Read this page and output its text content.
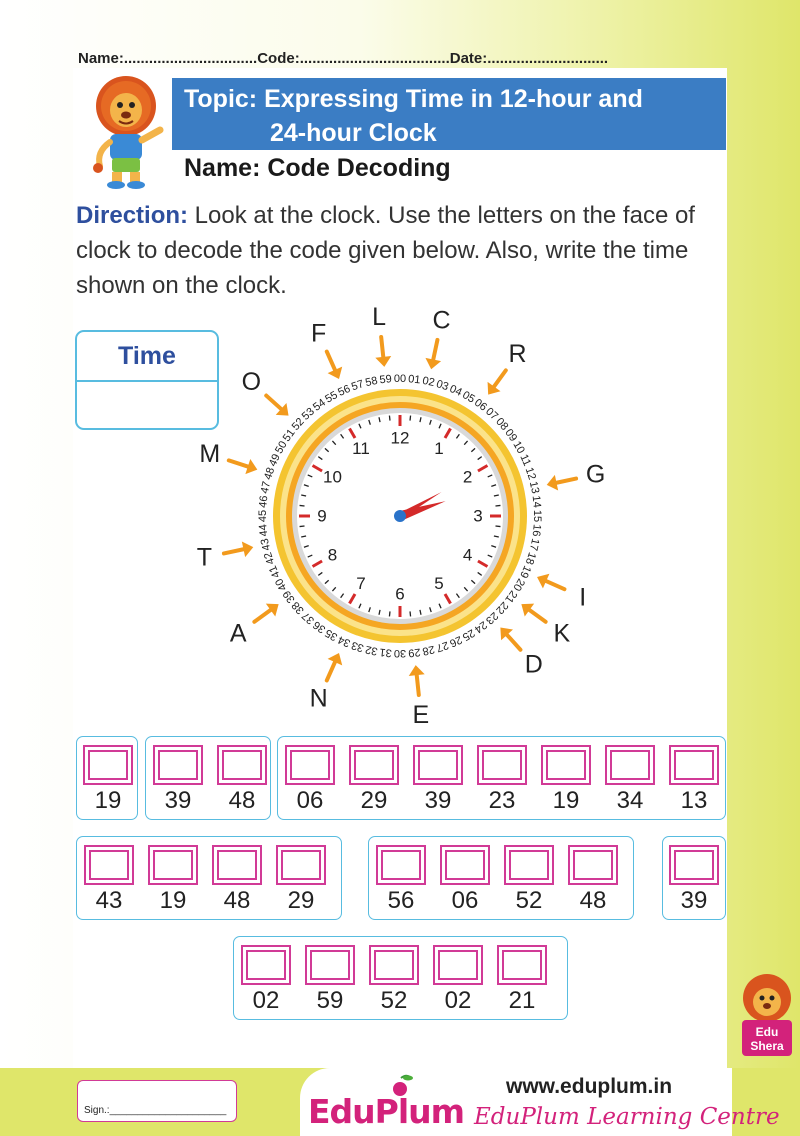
Name:................................Code:....................................Date:.............................
Topic: Expressing Time in 12-hour and
24-hour Clock
Name: Code Decoding
Direction: Look at the clock. Use the letters on the face of clock to decode the code given below. Also, write the time shown on the clock.
Time
L C
R
G
I
K
D
E
N
A
T
M
O
F
00 01 02
03
04
05
06
07
08
09
10
11
12
13
14
15
16
17
18
19
20
21
22
23
24
25
26
27
28
29
30
31
32
33
34
35
36
37
38
39
40
41
42
43
44
45
46
47
48
49
50
51
52
53
54
55
56
57
58 59
12
1
2
3
4
5
6
7
8
9
10
11
19	39	48	06	29	39	23	19	34	13
43	19	48	29	56	06	52	48	39
02	59	52	02	21
Edu
Shera
Sign.:_____________________ EduPlum
www.eduplum.in
EduPlum Learning Centre
